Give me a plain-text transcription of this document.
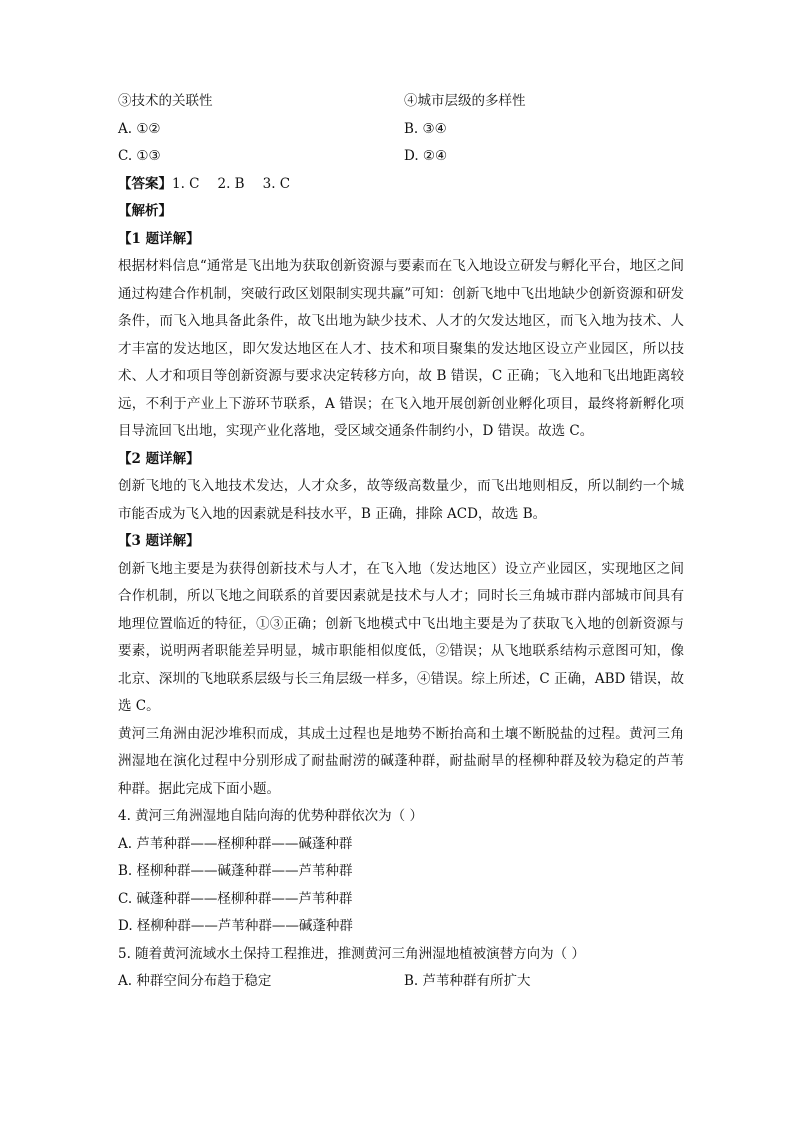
③技术的关联性	④城市层级的多样性
A. ①②	B. ③④
C. ①③	D. ②④
【答案】1. C 2. B 3. C
【解析】
【1 题详解】
根据材料信息“通常是飞出地为获取创新资源与要素而在飞入地设立研发与孵化平台，地区之间通过构建合作机制，突破行政区划限制实现共赢”可知：创新飞地中飞出地缺少创新资源和研发条件，而飞入地具备此条件，故飞出地为缺少技术、人才的欠发达地区，而飞入地为技术、人才丰富的发达地区，即欠发达地区在人才、技术和项目聚集的发达地区设立产业园区，所以技术、人才和项目等创新资源与要求决定转移方向，故 B 错误，C 正确；飞入地和飞出地距离较远，不利于产业上下游环节联系，A 错误；在飞入地开展创新创业孵化项目，最终将新孵化项目导流回飞出地，实现产业化落地，受区域交通条件制约小，D 错误。故选 C。
【2 题详解】
创新飞地的飞入地技术发达，人才众多，故等级高数量少，而飞出地则相反，所以制约一个城市能否成为飞入地的因素就是科技水平，B 正确，排除 ACD，故选 B。
【3 题详解】
创新飞地主要是为获得创新技术与人才，在飞入地（发达地区）设立产业园区，实现地区之间合作机制，所以飞地之间联系的首要因素就是技术与人才；同时长三角城市群内部城市间具有地理位置临近的特征，①③正确；创新飞地模式中飞出地主要是为了获取飞入地的创新资源与要素，说明两者职能差异明显，城市职能相似度低，②错误；从飞地联系结构示意图可知，像北京、深圳的飞地联系层级与长三角层级一样多，④错误。综上所述，C 正确，ABD 错误，故选 C。
黄河三角洲由泥沙堆积而成，其成土过程也是地势不断抬高和土壤不断脱盐的过程。黄河三角洲湿地在演化过程中分别形成了耐盐耐涝的碱蓬种群，耐盐耐旱的柽柳种群及较为稳定的芦苇种群。据此完成下面小题。
4. 黄河三角洲湿地自陆向海的优势种群依次为（ ）
A. 芦苇种群——柽柳种群——碱蓬种群
B. 柽柳种群——碱蓬种群——芦苇种群
C. 碱蓬种群——柽柳种群——芦苇种群
D. 柽柳种群——芦苇种群——碱蓬种群
5. 随着黄河流域水土保持工程推进，推测黄河三角洲湿地植被演替方向为（ ）
A. 种群空间分布趋于稳定	B. 芦苇种群有所扩大
